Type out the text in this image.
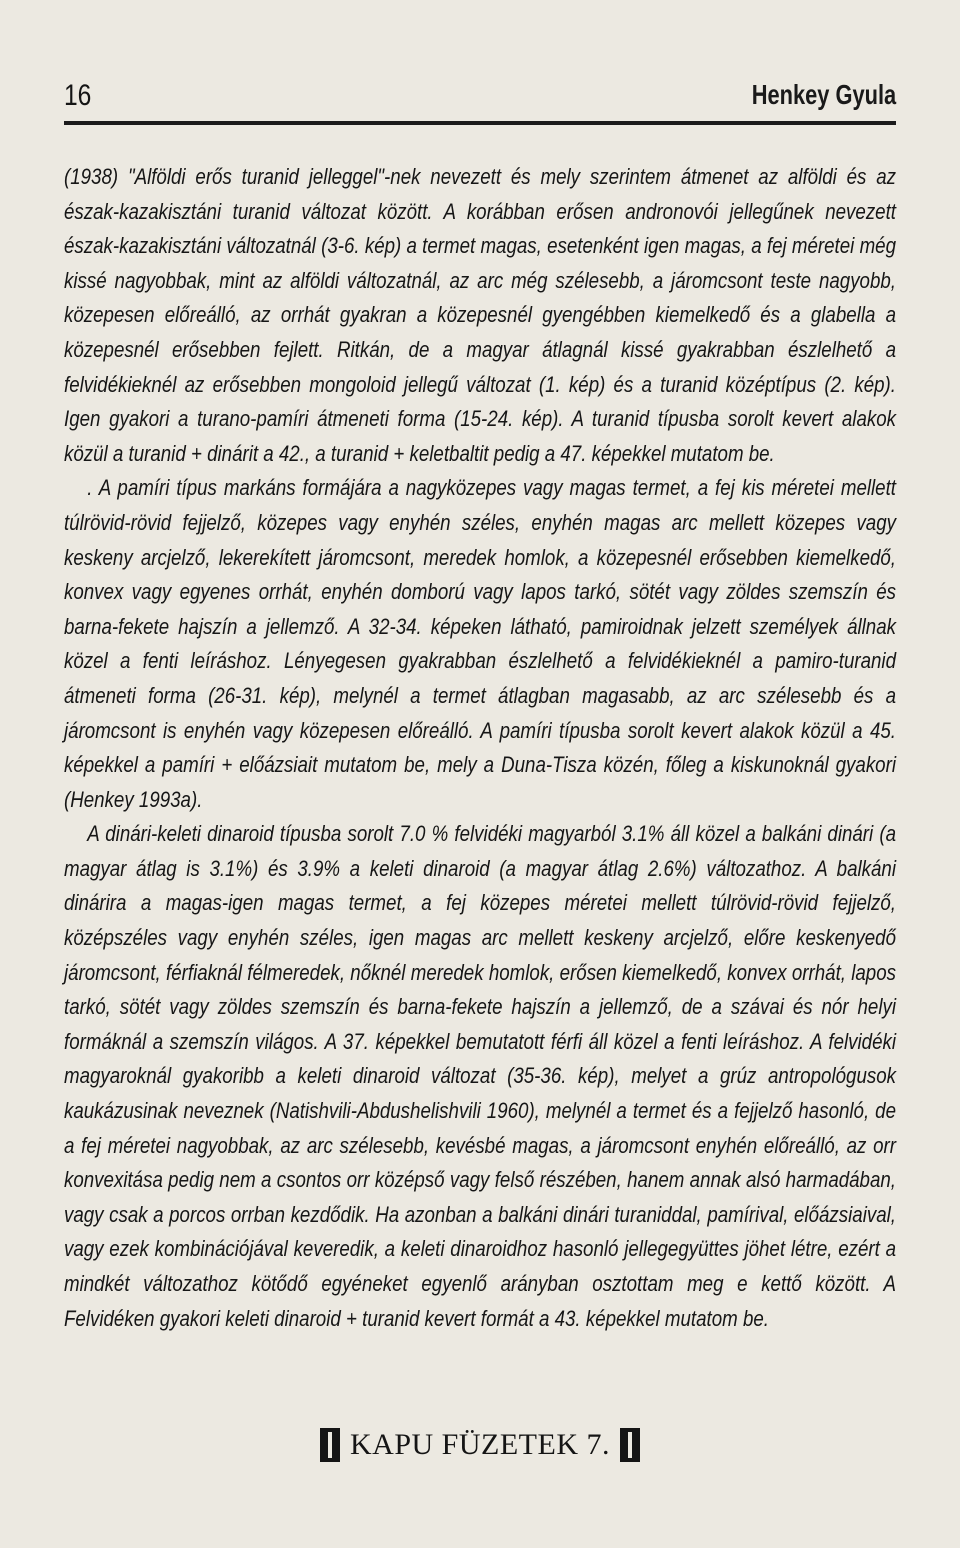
16	Henkey Gyula

(1938) "Alföldi erős turanid jelleggel"-nek nevezett és mely szerintem átmenet az alföldi és az észak-kazakisztáni turanid változat között. A korábban erősen andronovói jellegűnek nevezett észak-kazakisztáni változatnál (3-6. kép) a termet magas, esetenként igen magas, a fej méretei még kissé nagyobbak, mint az alföldi változatnál, az arc még szélesebb, a járomcsont teste nagyobb, közepesen előreálló, az orrhát gyakran a közepesnél gyengébben kiemelkedő és a glabella a közepesnél erősebben fejlett. Ritkán, de a magyar átlagnál kissé gyakrabban észlelhető a felvidékieknél az erősebben mongoloid jellegű változat (1. kép) és a turanid középtípus (2. kép). Igen gyakori a turano-pamíri átmeneti forma (15-24. kép). A turanid típusba sorolt kevert alakok közül a turanid + dinárit a 42., a turanid + keletbaltit pedig a 47. képekkel mutatom be.

. A pamíri típus markáns formájára a nagyközepes vagy magas termet, a fej kis méretei mellett túlrövid-rövid fejjelző, közepes vagy enyhén széles, enyhén magas arc mellett közepes vagy keskeny arcjelző, lekerekített járomcsont, meredek homlok, a közepesnél erősebben kiemelkedő, konvex vagy egyenes orrhát, enyhén domború vagy lapos tarkó, sötét vagy zöldes szemszín és barna-fekete hajszín a jellemző. A 32-34. képeken látható, pamiroidnak jelzett személyek állnak közel a fenti leíráshoz. Lényegesen gyakrabban észlelhető a felvidékieknél a pamiro-turanid átmeneti forma (26-31. kép), melynél a termet átlagban magasabb, az arc szélesebb és a járomcsont is enyhén vagy közepesen előreálló. A pamíri típusba sorolt kevert alakok közül a 45. képekkel a pamíri + előázsiait mutatom be, mely a Duna-Tisza közén, főleg a kiskunoknál gyakori (Henkey 1993a).

A dinári-keleti dinaroid típusba sorolt 7.0 % felvidéki magyarból 3.1% áll közel a balkáni dinári (a magyar átlag is 3.1%) és 3.9% a keleti dinaroid (a magyar átlag 2.6%) változathoz. A balkáni dinárira a magas-igen magas termet, a fej közepes méretei mellett túlrövid-rövid fejjelző, középszéles vagy enyhén széles, igen magas arc mellett keskeny arcjelző, előre keskenyedő járomcsont, férfiaknál félmeredek, nőknél meredek homlok, erősen kiemelkedő, konvex orrhát, lapos tarkó, sötét vagy zöldes szemszín és barna-fekete hajszín a jellemző, de a szávai és nór helyi formáknál a szemszín világos. A 37. képekkel bemutatott férfi áll közel a fenti leíráshoz. A felvidéki magyaroknál gyakoribb a keleti dinaroid változat (35-36. kép), melyet a grúz antropológusok kaukázusinak neveznek (Natishvili-Abdushelishvili 1960), melynél a termet és a fejjelző hasonló, de a fej méretei nagyobbak, az arc szélesebb, kevésbé magas, a járomcsont enyhén előreálló, az orr konvexitása pedig nem a csontos orr középső vagy felső részében, hanem annak alsó harmadában, vagy csak a porcos orrban kezdődik. Ha azonban a balkáni dinári turaniddal, pamírival, előázsiaival, vagy ezek kombinációjával keveredik, a keleti dinaroidhoz hasonló jellegegyüttes jöhet létre, ezért a mindkét változathoz kötődő egyéneket egyenlő arányban osztottam meg e kettő között. A Felvidéken gyakori keleti dinaroid + turanid kevert formát a 43. képekkel mutatom be.

KAPU FÜZETEK 7.
